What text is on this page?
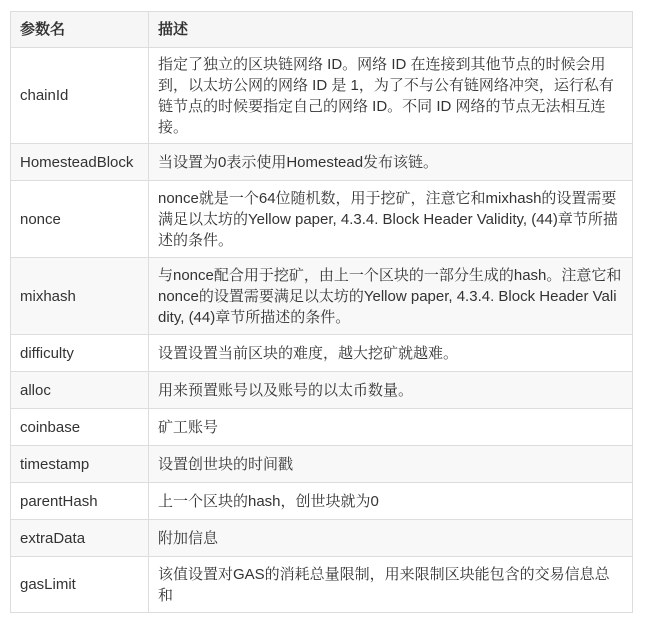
参数名	描述
chainId	指定了独立的区块链网络 ID。网络 ID 在连接到其他节点的时候会用到，以太坊公网的网络 ID 是 1，为了不与公有链网络冲突，运行私有链节点的时候要指定自己的网络 ID。不同 ID 网络的节点无法相互连接。
HomesteadBlock	当设置为0表示使用Homestead发布该链。
nonce	nonce就是一个64位随机数，用于挖矿，注意它和mixhash的设置需要满足以太坊的Yellow paper, 4.3.4. Block Header Validity, (44)章节所描述的条件。
mixhash	与nonce配合用于挖矿，由上一个区块的一部分生成的hash。注意它和nonce的设置需要满足以太坊的Yellow paper, 4.3.4. Block Header Validity, (44)章节所描述的条件。
difficulty	设置设置当前区块的难度，越大挖矿就越难。
alloc	用来预置账号以及账号的以太币数量。
coinbase	矿工账号
timestamp	设置创世块的时间戳
parentHash	上一个区块的hash，创世块就为0
extraData	附加信息
gasLimit	该值设置对GAS的消耗总量限制，用来限制区块能包含的交易信息总和
